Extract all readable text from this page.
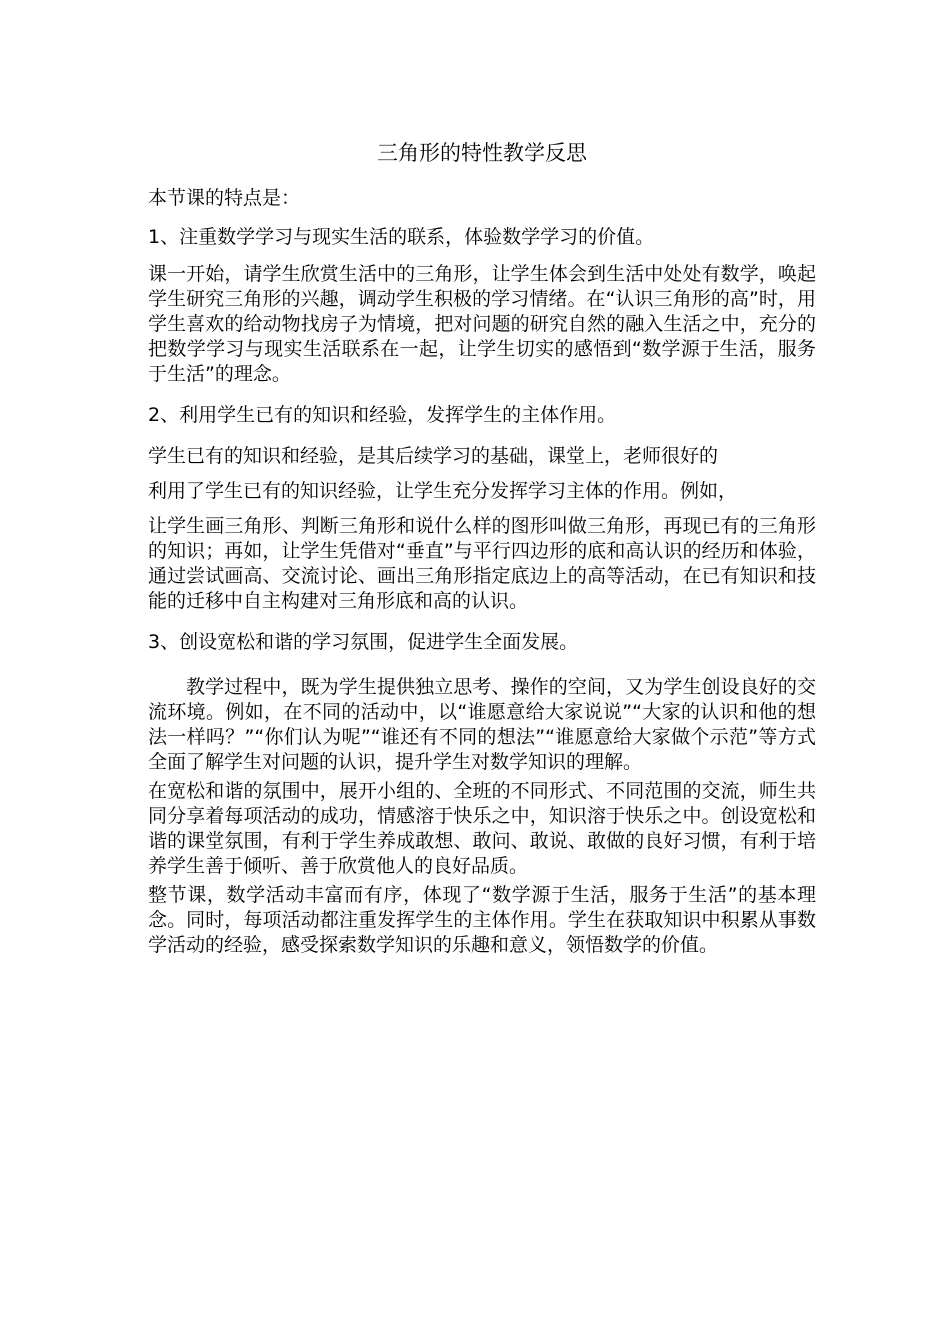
三角形的特性教学反思

本节课的特点是：

1、注重数学学习与现实生活的联系，体验数学学习的价值。

课一开始，请学生欣赏生活中的三角形，让学生体会到生活中处处有数学，唤起学生研究三角形的兴趣，调动学生积极的学习情绪。在“认识三角形的高”时，用学生喜欢的给动物找房子为情境，把对问题的研究自然的融入生活之中，充分的把数学学习与现实生活联系在一起，让学生切实的感悟到“数学源于生活，服务于生活”的理念。

2、利用学生已有的知识和经验，发挥学生的主体作用。

学生已有的知识和经验，是其后续学习的基础，课堂上，老师很好的

利用了学生已有的知识经验，让学生充分发挥学习主体的作用。例如，

让学生画三角形、判断三角形和说什么样的图形叫做三角形，再现已有的三角形的知识；再如，让学生凭借对“垂直”与平行四边形的底和高认识的经历和体验，通过尝试画高、交流讨论、画出三角形指定底边上的高等活动，在已有知识和技能的迁移中自主构建对三角形底和高的认识。

3、创设宽松和谐的学习氛围，促进学生全面发展。

教学过程中，既为学生提供独立思考、操作的空间，又为学生创设良好的交流环境。例如，在不同的活动中，以“谁愿意给大家说说”“大家的认识和他的想法一样吗？”“你们认为呢”“谁还有不同的想法”“谁愿意给大家做个示范”等方式全面了解学生对问题的认识，提升学生对数学知识的理解。

在宽松和谐的氛围中，展开小组的、全班的不同形式、不同范围的交流，师生共同分享着每项活动的成功，情感溶于快乐之中，知识溶于快乐之中。创设宽松和谐的课堂氛围，有利于学生养成敢想、敢问、敢说、敢做的良好习惯，有利于培养学生善于倾听、善于欣赏他人的良好品质。

整节课，数学活动丰富而有序，体现了“数学源于生活，服务于生活”的基本理念。同时，每项活动都注重发挥学生的主体作用。学生在获取知识中积累从事数学活动的经验，感受探索数学知识的乐趣和意义，领悟数学的价值。
